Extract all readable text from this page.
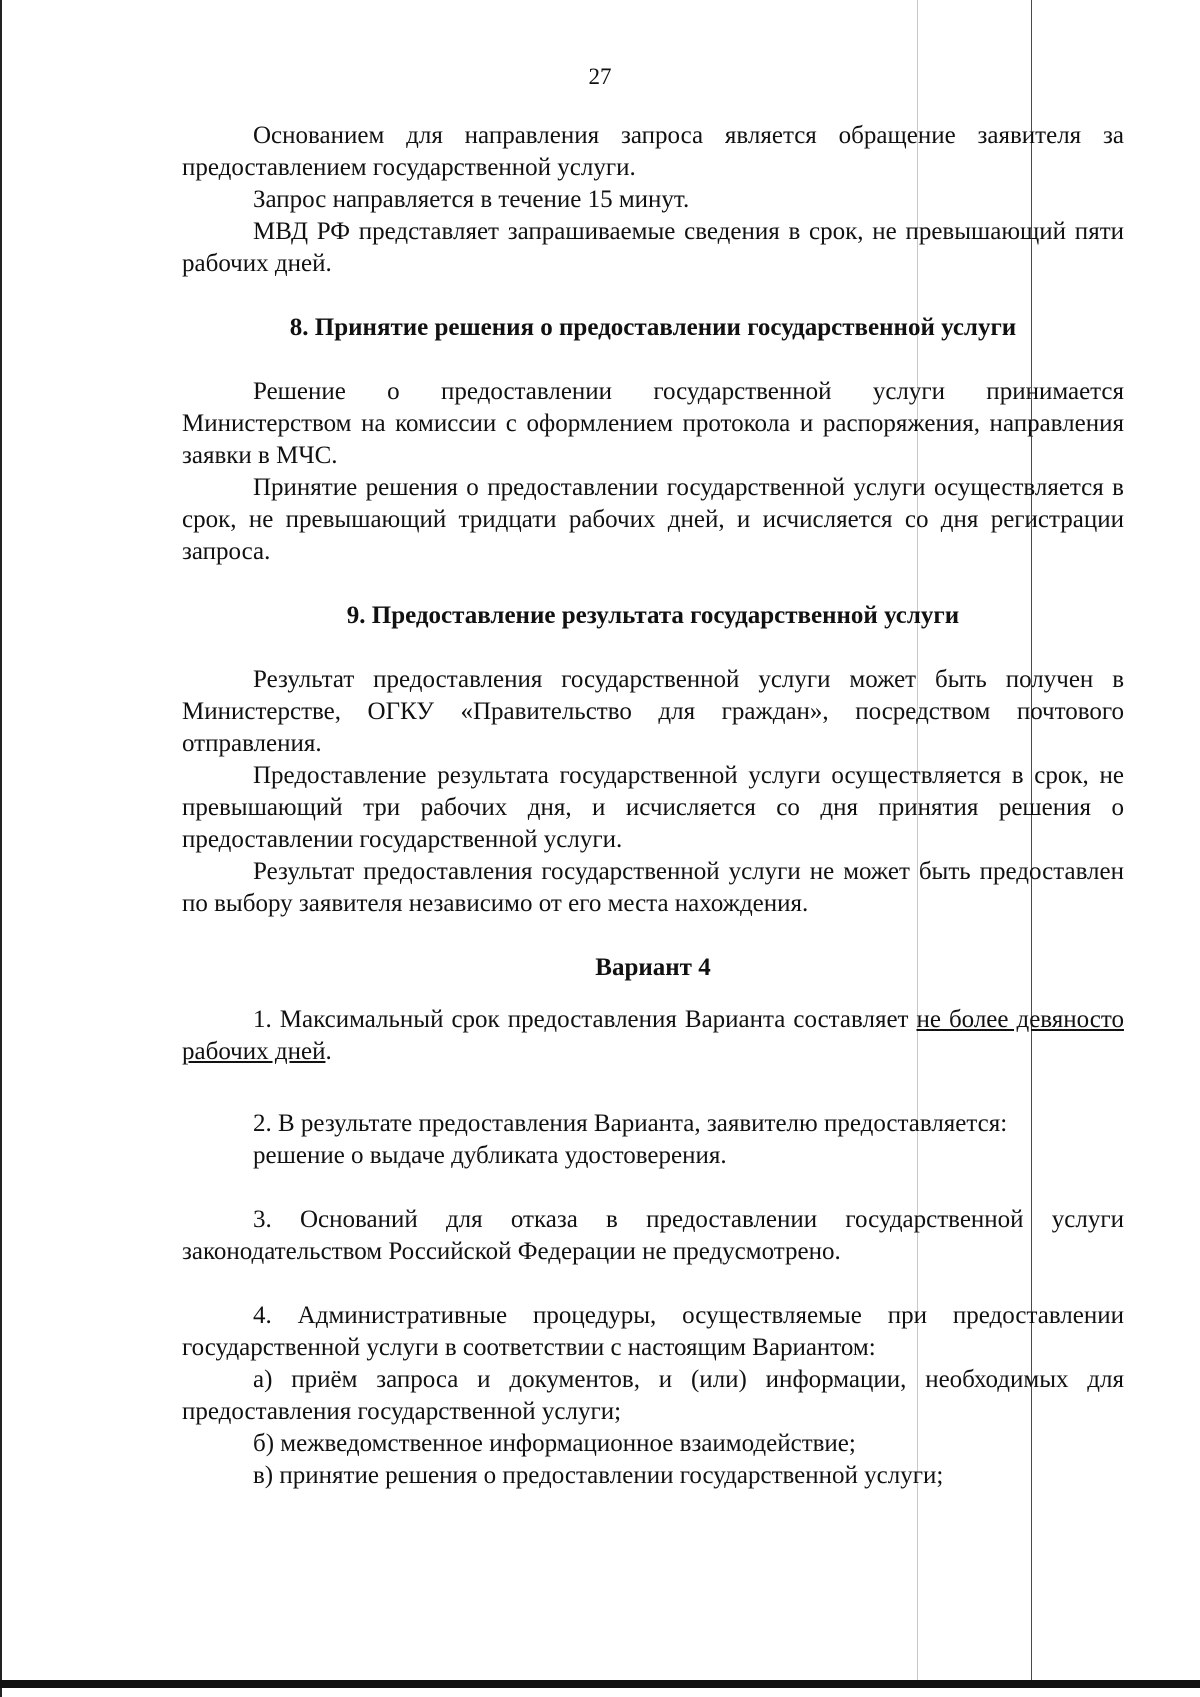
27

Основанием для направления запроса является обращение заявителя за предоставлением государственной услуги.

Запрос направляется в течение 15 минут.

МВД РФ представляет запрашиваемые сведения в срок, не превышающий пяти рабочих дней.

8. Принятие решения о предоставлении государственной услуги

Решение о предоставлении государственной услуги принимается Министерством на комиссии с оформлением протокола и распоряжения, направления заявки в МЧС.

Принятие решения о предоставлении государственной услуги осуществляется в срок, не превышающий тридцати рабочих дней, и исчисляется со дня регистрации запроса.

9. Предоставление результата государственной услуги

Результат предоставления государственной услуги может быть получен в Министерстве, ОГКУ «Правительство для граждан», посредством почтового отправления.

Предоставление результата государственной услуги осуществляется в срок, не превышающий три рабочих дня, и исчисляется со дня принятия решения о предоставлении государственной услуги.

Результат предоставления государственной услуги не может быть предоставлен по выбору заявителя независимо от его места нахождения.

Вариант 4

1. Максимальный срок предоставления Варианта составляет не более девяносто рабочих дней.

2. В результате предоставления Варианта, заявителю предоставляется:

решение о выдаче дубликата удостоверения.

3. Оснований для отказа в предоставлении государственной услуги законодательством Российской Федерации не предусмотрено.

4. Административные процедуры, осуществляемые при предоставлении государственной услуги в соответствии с настоящим Вариантом:

а) приём запроса и документов, и (или) информации, необходимых для предоставления государственной услуги;

б) межведомственное информационное взаимодействие;

в) принятие решения о предоставлении государственной услуги;
